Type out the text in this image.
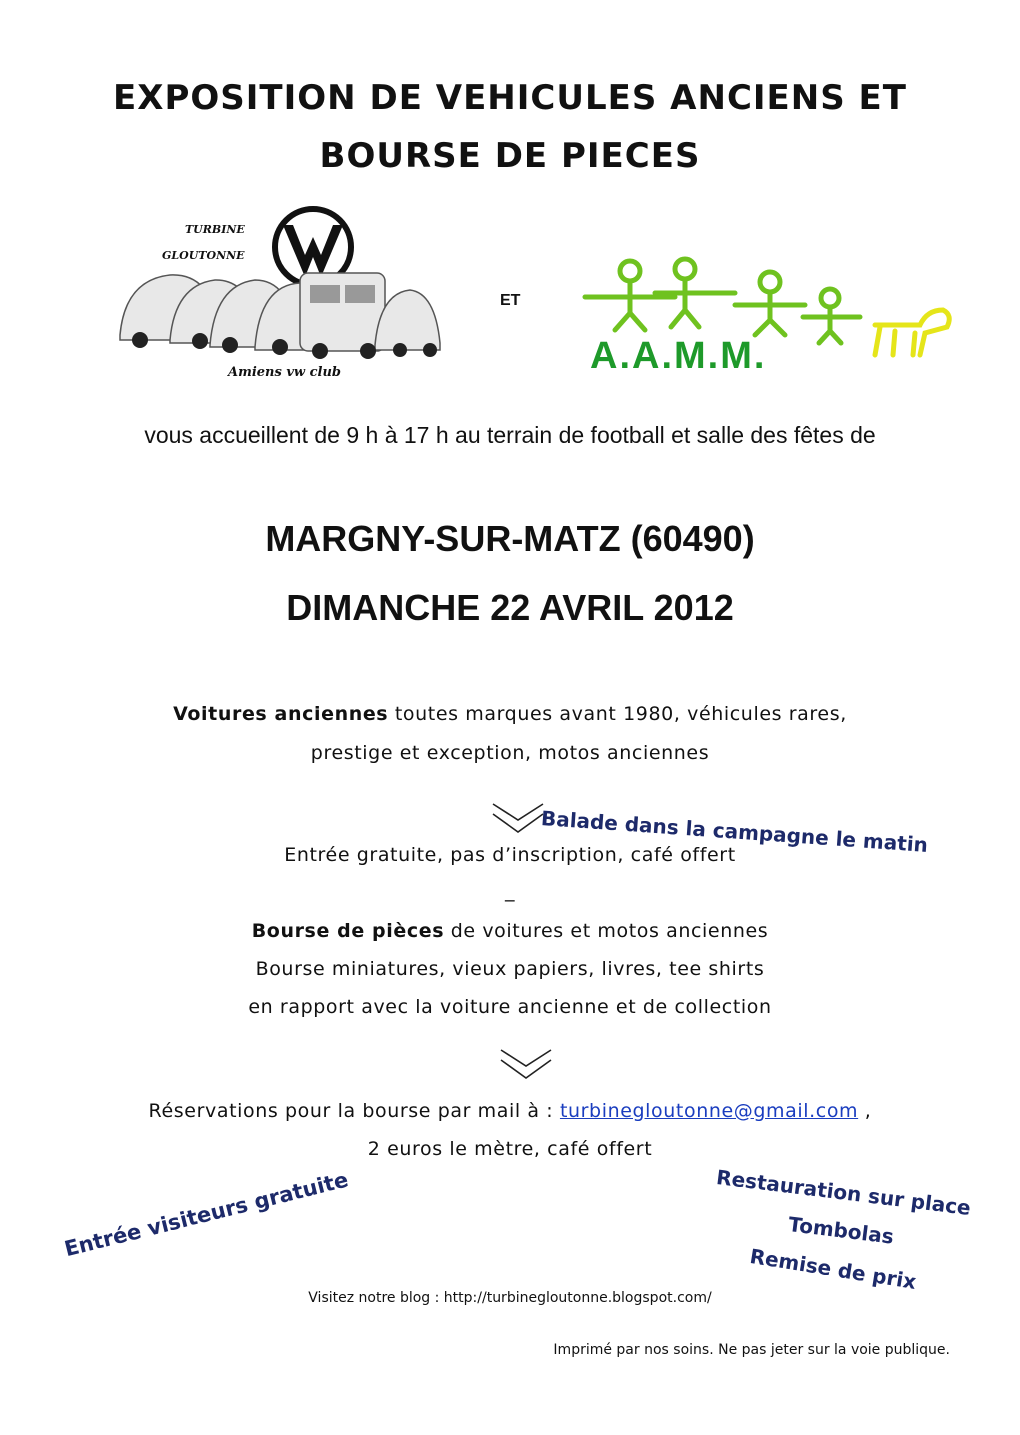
EXPOSITION DE VEHICULES ANCIENS ET
BOURSE DE PIECES
TURBINE
GLOUTONNE
Amiens vw club
ET
A.A.M.M.
vous accueillent de 9 h à 17 h au terrain de football et salle des fêtes de
MARGNY-SUR-MATZ (60490)
DIMANCHE 22 AVRIL 2012
Voitures anciennes toutes marques avant 1980, véhicules rares,
prestige et exception, motos anciennes
Balade dans la campagne le matin
Entrée gratuite, pas d’inscription, café offert
_
Bourse de pièces de voitures et motos anciennes
Bourse miniatures, vieux papiers, livres, tee shirts
en rapport avec la voiture ancienne et de collection
Réservations pour la bourse par mail à : turbinegloutonne@gmail.com ,
2 euros le mètre, café offert
Entrée visiteurs gratuite	Restauration sur place
Tombolas
Remise de prix
Visitez notre blog : http://turbinegloutonne.blogspot.com/
Imprimé par nos soins. Ne pas jeter sur la voie publique.
